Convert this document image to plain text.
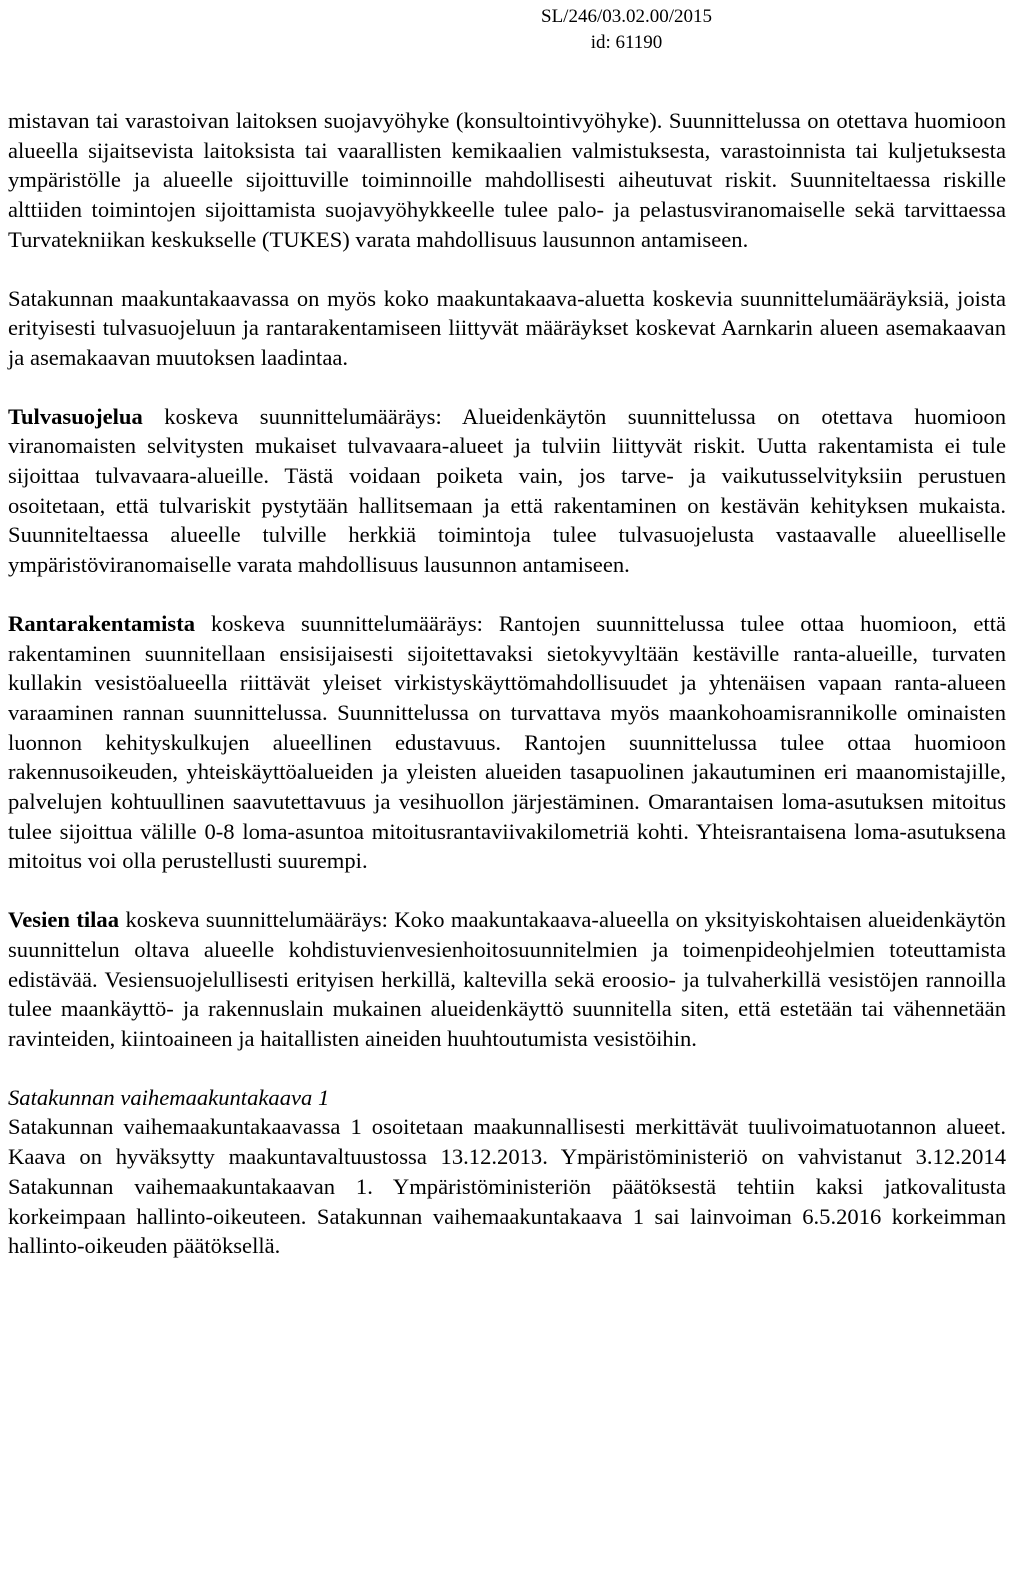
SL/246/03.02.00/2015
id: 61190

mistavan tai varastoivan laitoksen suojavyöhyke (konsultointivyöhyke). Suunnittelussa on otettava huomioon alueella sijaitsevista laitoksista tai vaarallisten kemikaalien valmistuksesta, varastoinnista tai kuljetuksesta ympäristölle ja alueelle sijoittuville toiminnoille mahdollisesti aiheutuvat riskit. Suunniteltaessa riskille alttiiden toimintojen sijoittamista suojavyöhykkeelle tulee palo- ja pelastusviranomaiselle sekä tarvittaessa Turvatekniikan keskukselle (TUKES) varata mahdollisuus lausunnon antamiseen.

Satakunnan maakuntakaavassa on myös koko maakuntakaava-aluetta koskevia suunnittelumääräyksiä, joista erityisesti tulvasuojeluun ja rantarakentamiseen liittyvät määräykset koskevat Aarnkarin alueen asemakaavan ja asemakaavan muutoksen laadintaa.

Tulvasuojelua koskeva suunnittelumääräys: Alueidenkäytön suunnittelussa on otettava huomioon viranomaisten selvitysten mukaiset tulvavaara-alueet ja tulviin liittyvät riskit. Uutta rakentamista ei tule sijoittaa tulvavaara-alueille. Tästä voidaan poiketa vain, jos tarve- ja vaikutusselvityksiin perustuen osoitetaan, että tulvariskit pystytään hallitsemaan ja että rakentaminen on kestävän kehityksen mukaista. Suunniteltaessa alueelle tulville herkkiä toimintoja tulee tulvasuojelusta vastaavalle alueelliselle ympäristöviranomaiselle varata mahdollisuus lausunnon antamiseen.

Rantarakentamista koskeva suunnittelumääräys: Rantojen suunnittelussa tulee ottaa huomioon, että rakentaminen suunnitellaan ensisijaisesti sijoitettavaksi sietokyvyltään kestäville ranta-alueille, turvaten kullakin vesistöalueella riittävät yleiset virkistyskäyttömahdollisuudet ja yhtenäisen vapaan ranta-alueen varaaminen rannan suunnittelussa. Suunnittelussa on turvattava myös maankohoamisrannikolle ominaisten luonnon kehityskulkujen alueellinen edustavuus. Rantojen suunnittelussa tulee ottaa huomioon rakennusoikeuden, yhteiskäyttöalueiden ja yleisten alueiden tasapuolinen jakautuminen eri maanomistajille, palvelujen kohtuullinen saavutettavuus ja vesihuollon järjestäminen. Omarantaisen loma-asutuksen mitoitus tulee sijoittua välille 0-8 loma-asuntoa mitoitusrantaviivakilometriä kohti. Yhteisrantaisena loma-asutuksena mitoitus voi olla perustellusti suurempi.

Vesien tilaa koskeva suunnittelumääräys: Koko maakuntakaava-alueella on yksityiskohtaisen alueidenkäytön suunnittelun oltava alueelle kohdistuvienvesienhoitosuunnitelmien ja toimenpideohjelmien toteuttamista edistävää. Vesiensuojelullisesti erityisen herkillä, kaltevilla sekä eroosio- ja tulvaherkillä vesistöjen rannoilla tulee maankäyttö- ja rakennuslain mukainen alueidenkäyttö suunnitella siten, että estetään tai vähennetään ravinteiden, kiintoaineen ja haitallisten aineiden huuhtoutumista vesistöihin.

Satakunnan vaihemaakuntakaava 1

Satakunnan vaihemaakuntakaavassa 1 osoitetaan maakunnallisesti merkittävät tuulivoimatuotannon alueet. Kaava on hyväksytty maakuntavaltuustossa 13.12.2013. Ympäristöministeriö on vahvistanut 3.12.2014 Satakunnan vaihemaakuntakaavan 1. Ympäristöministeriön päätöksestä tehtiin kaksi jatkovalitusta korkeimpaan hallinto-oikeuteen. Satakunnan vaihemaakuntakaava 1 sai lainvoiman 6.5.2016 korkeimman hallinto-oikeuden päätöksellä.
